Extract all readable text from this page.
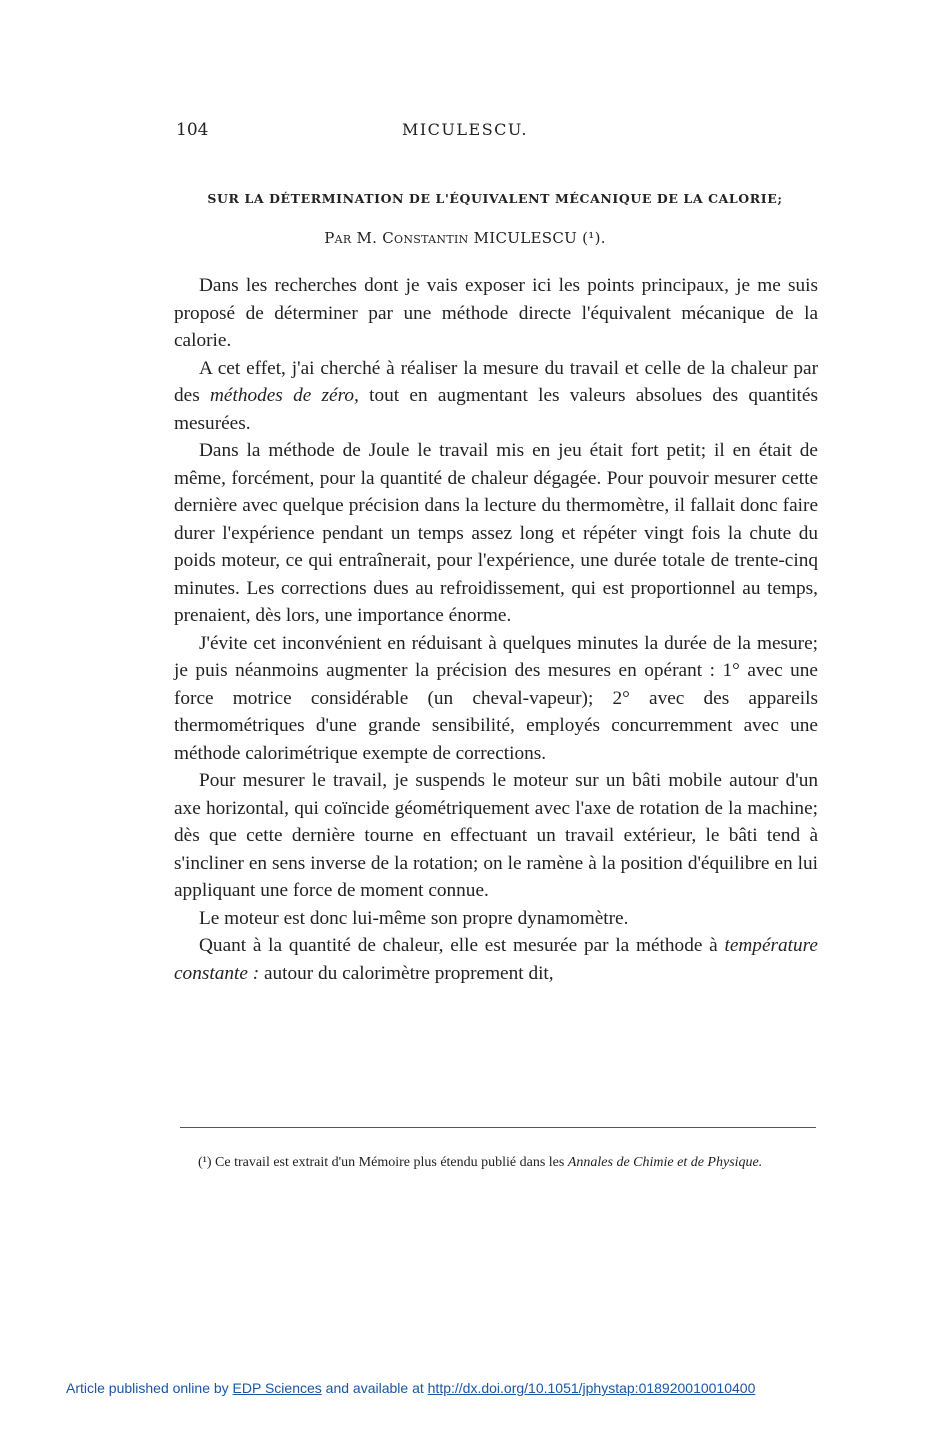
104	MICULESCU.
SUR LA DÉTERMINATION DE L'ÉQUIVALENT MÉCANIQUE DE LA CALORIE;
Par M. Constantin MICULESCU (¹).

Dans les recherches dont je vais exposer ici les points principaux, je me suis proposé de déterminer par une méthode directe l'équivalent mécanique de la calorie.

A cet effet, j'ai cherché à réaliser la mesure du travail et celle de la chaleur par des méthodes de zéro, tout en augmentant les valeurs absolues des quantités mesurées.

Dans la méthode de Joule le travail mis en jeu était fort petit; il en était de même, forcément, pour la quantité de chaleur dégagée. Pour pouvoir mesurer cette dernière avec quelque précision dans la lecture du thermomètre, il fallait donc faire durer l'expérience pendant un temps assez long et répéter vingt fois la chute du poids moteur, ce qui entraînerait, pour l'expérience, une durée totale de trente-cinq minutes. Les corrections dues au refroidissement, qui est proportionnel au temps, prenaient, dès lors, une importance énorme.

J'évite cet inconvénient en réduisant à quelques minutes la durée de la mesure; je puis néanmoins augmenter la précision des mesures en opérant : 1° avec une force motrice considérable (un cheval-vapeur); 2° avec des appareils thermométriques d'une grande sensibilité, employés concurremment avec une méthode calorimétrique exempte de corrections.

Pour mesurer le travail, je suspends le moteur sur un bâti mobile autour d'un axe horizontal, qui coïncide géométriquement avec l'axe de rotation de la machine; dès que cette dernière tourne en effectuant un travail extérieur, le bâti tend à s'incliner en sens inverse de la rotation; on le ramène à la position d'équilibre en lui appliquant une force de moment connue.

Le moteur est donc lui-même son propre dynamomètre.

Quant à la quantité de chaleur, elle est mesurée par la méthode à température constante : autour du calorimètre proprement dit,

(¹) Ce travail est extrait d'un Mémoire plus étendu publié dans les Annales de Chimie et de Physique.
Article published online by EDP Sciences and available at http://dx.doi.org/10.1051/jphystap:018920010010400
